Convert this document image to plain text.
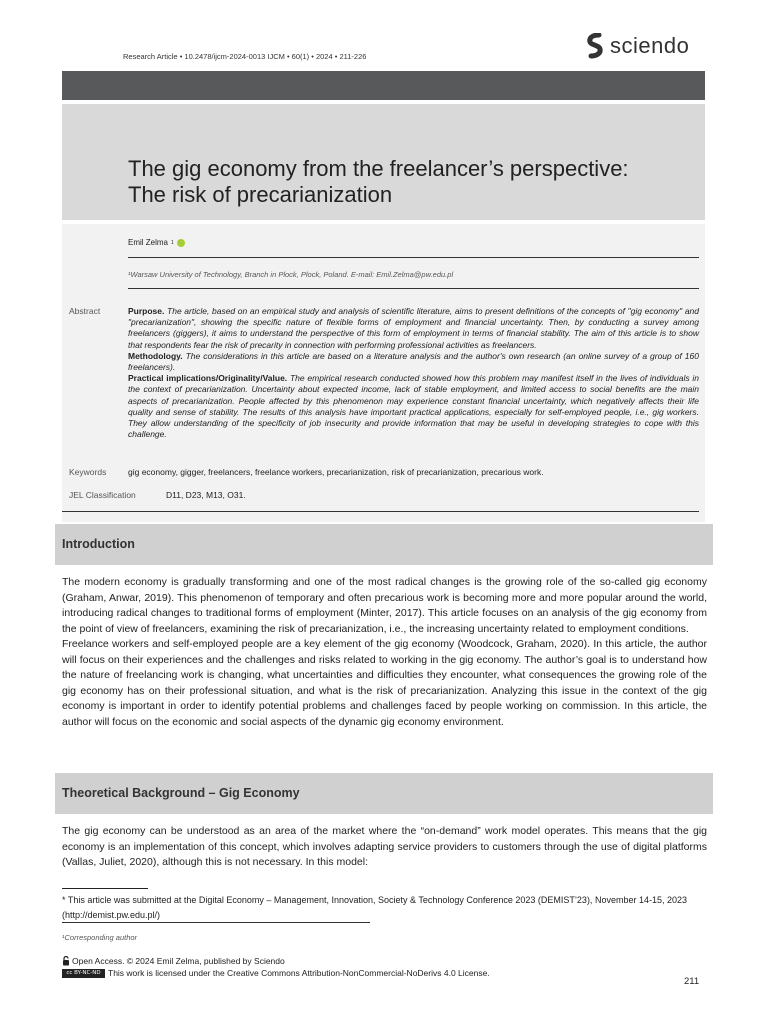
Research Article • 10.2478/ijcm-2024-0013 IJCM • 60(1) • 2024 • 211-226	sciendo
The gig economy from the freelancer’s perspective:
The risk of precarianization
Emil Zelma 1
¹Warsaw University of Technology, Branch in Plock, Plock, Poland. E-mail: Emil.Zelma@pw.edu.pl
Abstract	Purpose. The article, based on an empirical study and analysis of scientific literature, aims to present definitions of the concepts of "gig economy" and "precarianization", showing the specific nature of flexible forms of employment and financial uncertainty. Then, by conducting a survey among freelancers (giggers), it aims to understand the perspective of this form of employment in terms of financial stability. The aim of this article is to show that respondents fear the risk of precarity in connection with performing professional activities as freelancers.
Methodology. The considerations in this article are based on a literature analysis and the author's own research (an online survey of a group of 160 freelancers).
Practical implications/Originality/Value. The empirical research conducted showed how this problem may manifest itself in the lives of individuals in the context of precarianization. Uncertainty about expected income, lack of stable employment, and limited access to social benefits are the main aspects of precarianization. People affected by this phenomenon may experience constant financial uncertainty, which negatively affects their life quality and sense of stability. The results of this analysis have important practical applications, especially for self-employed people, i.e., gig workers. They allow understanding of the specificity of job insecurity and provide information that may be useful in developing strategies to cope with this challenge.
Keywords	gig economy, gigger, freelancers, freelance workers, precarianization, risk of precarianization, precarious work.
JEL Classification	D11, D23, M13, O31.
Introduction

The modern economy is gradually transforming and one of the most radical changes is the growing role of the so-called gig economy (Graham, Anwar, 2019). This phenomenon of temporary and often precarious work is becoming more and more popular around the world, introducing radical changes to traditional forms of employment (Minter, 2017). This article focuses on an analysis of the gig economy from the point of view of freelancers, examining the risk of precarianization, i.e., the increasing uncertainty related to employment conditions.

Freelance workers and self-employed people are a key element of the gig economy (Woodcock, Graham, 2020). In this article, the author will focus on their experiences and the challenges and risks related to working in the gig economy. The author’s goal is to understand how the nature of freelancing work is changing, what uncertainties and difficulties they encounter, what consequences the growing role of the gig economy has on their professional situation, and what is the risk of precarianization. Analyzing this issue in the context of the gig economy is important in order to identify potential problems and challenges faced by people working on commission. In this article, the author will focus on the economic and social aspects of the dynamic gig economy environment.

Theoretical Background – Gig Economy

The gig economy can be understood as an area of the market where the “on-demand” work model operates. This means that the gig economy is an implementation of this concept, which involves adapting service providers to customers through the use of digital platforms (Vallas, Juliet, 2020), although this is not necessary. In this model:

* This article was submitted at the Digital Economy – Management, Innovation, Society & Technology Conference 2023 (DEMIST’23), November 14-15, 2023 (http://demist.pw.edu.pl/)
¹Corresponding author
Open Access. © 2024 Emil Zelma, published by Sciendo
cc BY-NC-ND This work is licensed under the Creative Commons Attribution-NonCommercial-NoDerivs 4.0 License.
211
